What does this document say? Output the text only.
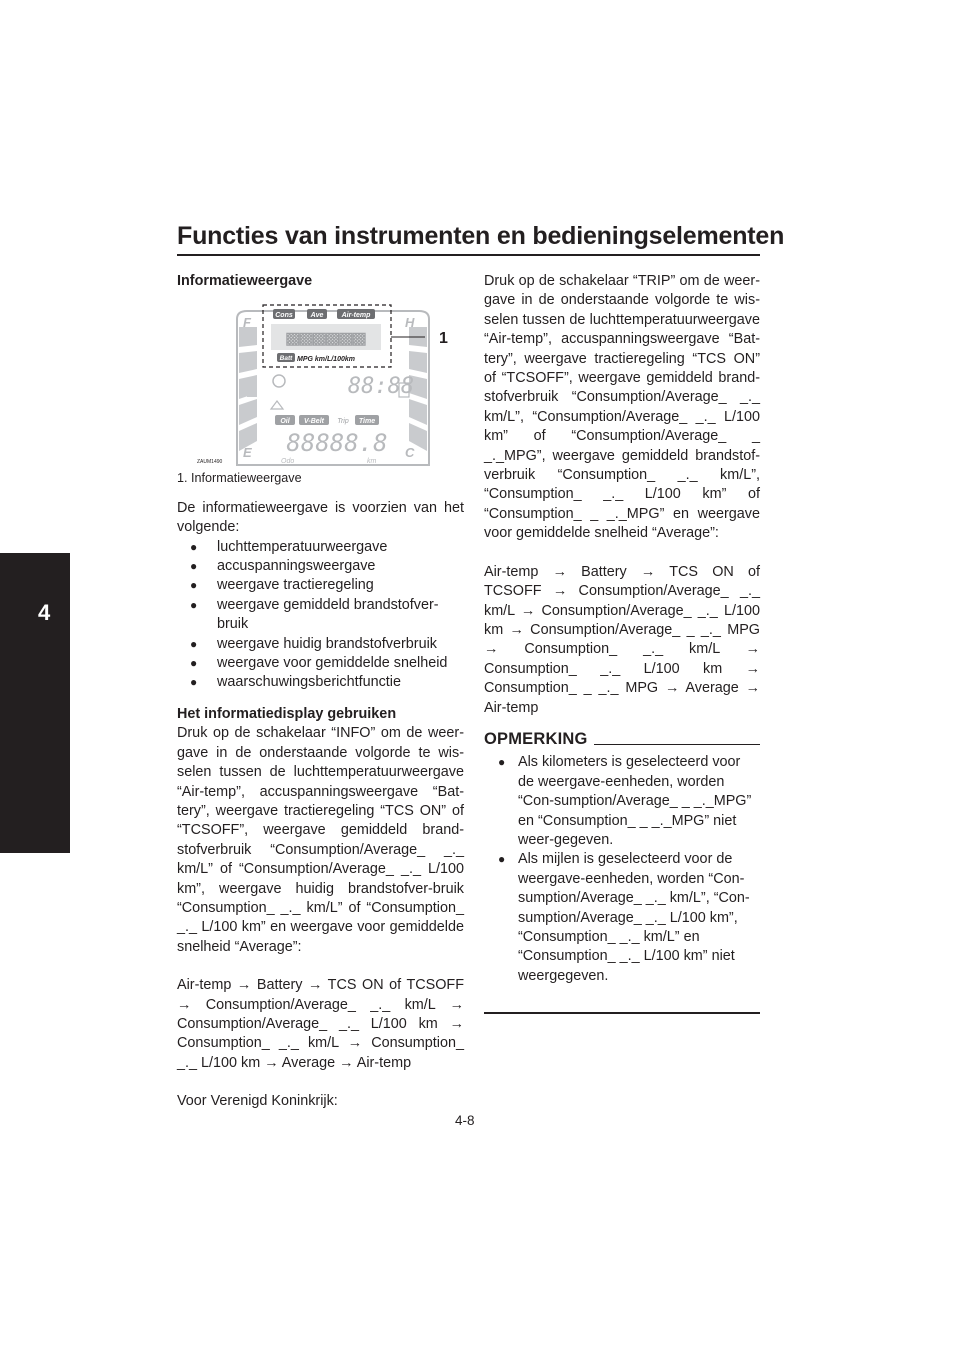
Functies van instrumenten en bedieningselementen
4

Informatieweergave

F	H
E	C
Cons	Ave	Air-temp
▩▩▩▩▩▩
Batt MPG km/L/100km
1
88:88
Oil V-Belt Trip Time
88888.8
Odo	km
ZAUM1490

1. Informatieweergave

De informatieweergave is voorzien van het volgende:

● luchttemperatuurweergave
● accuspanningsweergave
● weergave tractieregeling
● weergave gemiddeld brandstofver-bruik
● weergave huidig brandstofverbruik
● weergave voor gemiddelde snelheid
● waarschuwingsberichtfunctie

Het informatiedisplay gebruiken

Druk op de schakelaar “INFO” om de weer-gave in de onderstaande volgorde te wis-selen tussen de luchttemperatuurweergave “Air-temp”, accuspanningsweergave “Bat-tery”, weergave tractieregeling “TCS ON” of “TCSOFF”, weergave gemiddeld brand-stofverbruik “Consumption/Average_ _._ km/L” of “Consumption/Average_ _._ L/100 km”, weergave huidig brandstofver-bruik “Consumption_ _._ km/L” of “Consumption_ _._ L/100 km” en weergave voor gemiddelde snelheid “Average”:

Air-temp → Battery → TCS ON of TCSOFF → Consumption/Average_ _._ km/L → Consumption/Average_ _._ L/100 km → Consumption_ _._ km/L → Consumption_ _._ L/100 km → Average → Air-temp

Voor Verenigd Koninkrijk:

Druk op de schakelaar “TRIP” om de weer-gave in de onderstaande volgorde te wis-selen tussen de luchttemperatuurweergave “Air-temp”, accuspanningsweergave “Bat-tery”, weergave tractieregeling “TCS ON” of “TCSOFF”, weergave gemiddeld brand-stofverbruik “Consumption/Average_ _._ km/L”, “Consumption/Average_ _._ L/100 km” of “Consumption/Average_ _ _._MPG”, weergave gemiddeld brandstof-verbruik “Consumption_ _._ km/L”, “Consumption_ _._ L/100 km” of “Consumption_ _ _._MPG” en weergave voor gemiddelde snelheid “Average”:

Air-temp → Battery → TCS ON of TCSOFF → Consumption/Average_ _._ km/L → Consumption/Average_ _._ L/100 km → Consumption/Average_ _ _._ MPG → Consumption_ _._ km/L → Consumption_ _._ L/100 km → Consumption_ _ _._ MPG → Average → Air-temp

OPMERKING
● Als kilometers is geselecteerd voor de weergave-eenheden, worden “Con-sumption/Average_ _ _._MPG” en “Consumption_ _ _._MPG” niet weer-gegeven.
● Als mijlen is geselecteerd voor de weergave-eenheden, worden “Con-sumption/Average_ _._ km/L”, “Con-sumption/Average_ _._ L/100 km”, “Consumption_ _._ km/L” en “Consumption_ _._ L/100 km” niet weergegeven.
4-8
